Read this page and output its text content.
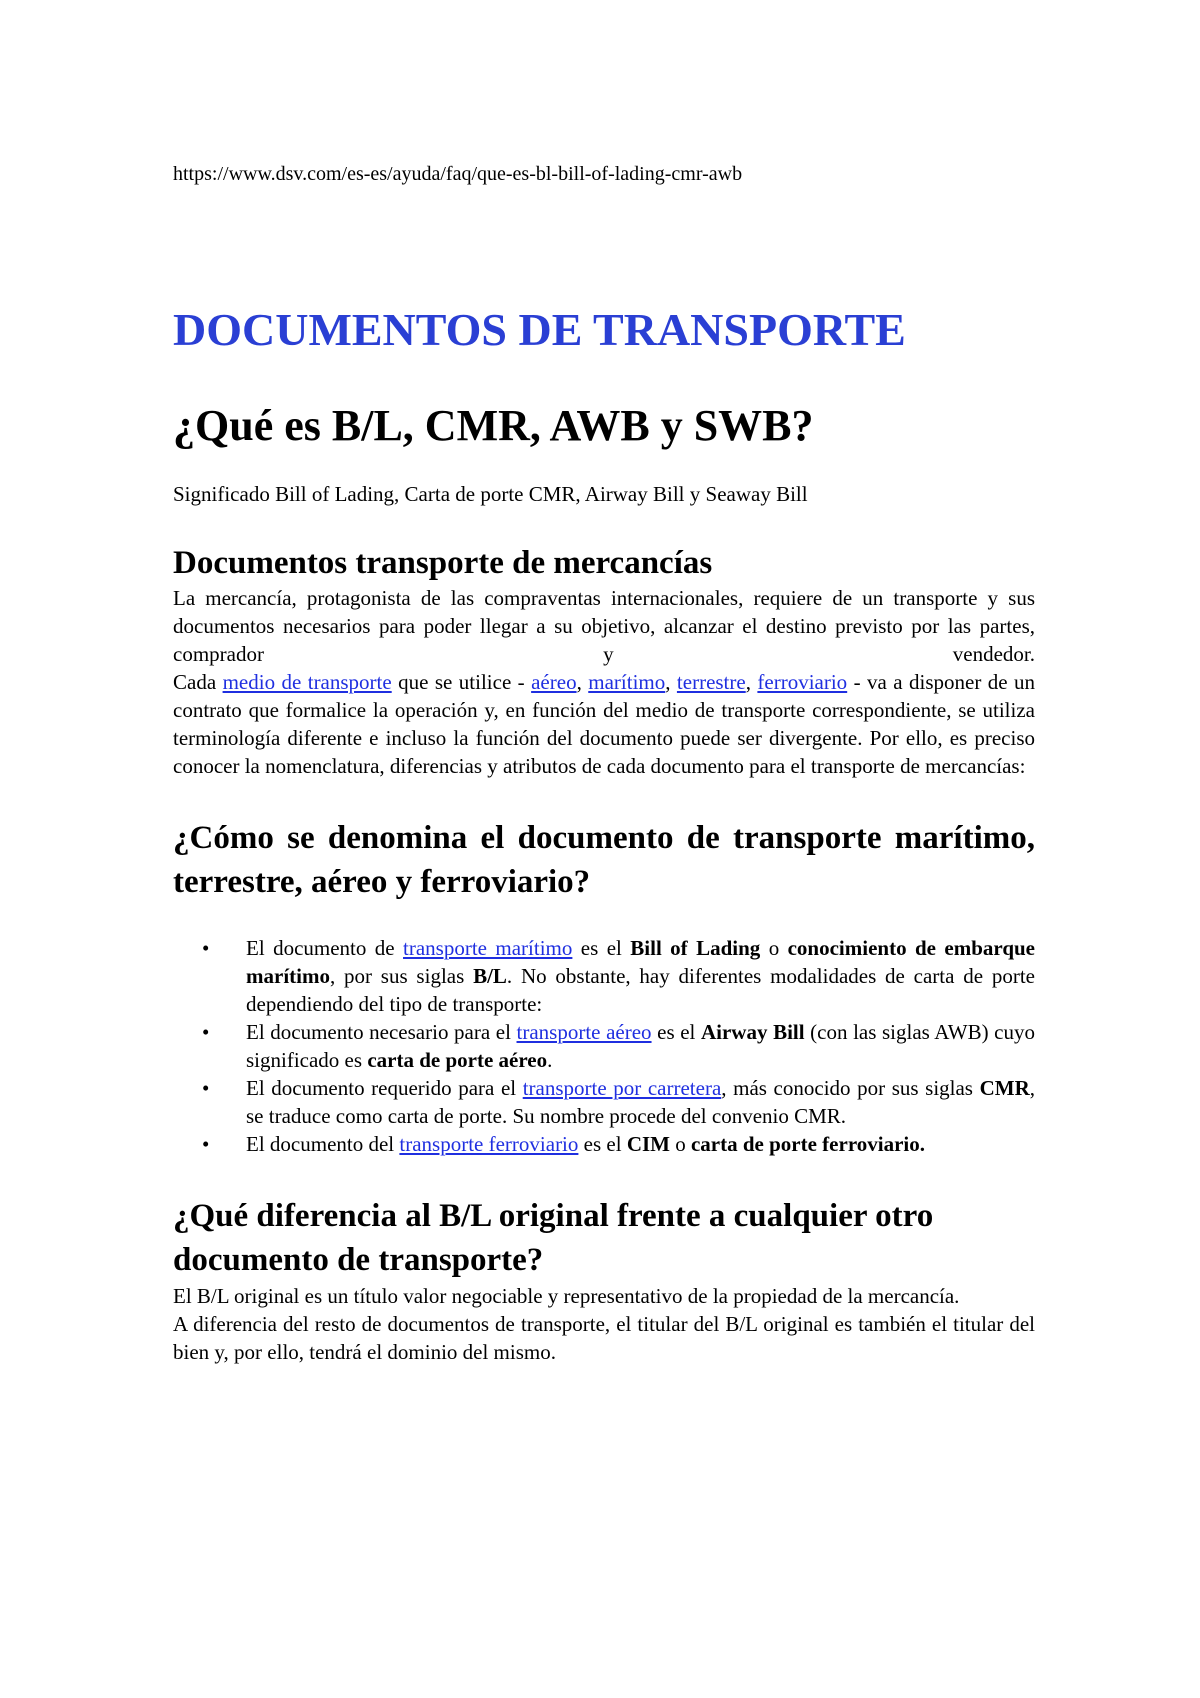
https://www.dsv.com/es-es/ayuda/faq/que-es-bl-bill-of-lading-cmr-awb

DOCUMENTOS DE TRANSPORTE
¿Qué es B/L, CMR, AWB y SWB?

Significado Bill of Lading, Carta de porte CMR, Airway Bill y Seaway Bill

Documentos transporte de mercancías

La mercancía, protagonista de las compraventas internacionales, requiere de un transporte y sus documentos necesarios para poder llegar a su objetivo, alcanzar el destino previsto por las partes, comprador y vendedor.

Cada medio de transporte que se utilice - aéreo, marítimo, terrestre, ferroviario - va a disponer de un contrato que formalice la operación y, en función del medio de transporte correspondiente, se utiliza terminología diferente e incluso la función del documento puede ser divergente. Por ello, es preciso conocer la nomenclatura, diferencias y atributos de cada documento para el transporte de mercancías:

¿Cómo se denomina el documento de transporte marítimo, terrestre, aéreo y ferroviario?
• El documento de transporte marítimo es el Bill of Lading o conocimiento de embarque marítimo, por sus siglas B/L. No obstante, hay diferentes modalidades de carta de porte dependiendo del tipo de transporte:
• El documento necesario para el transporte aéreo es el Airway Bill (con las siglas AWB) cuyo significado es carta de porte aéreo.
• El documento requerido para el transporte por carretera, más conocido por sus siglas CMR, se traduce como carta de porte. Su nombre procede del convenio CMR.
• El documento del transporte ferroviario es el CIM o carta de porte ferroviario.
¿Qué diferencia al B/L original frente a cualquier otro documento de transporte?

El B/L original es un título valor negociable y representativo de la propiedad de la mercancía.

A diferencia del resto de documentos de transporte, el titular del B/L original es también el titular del bien y, por ello, tendrá el dominio del mismo.
